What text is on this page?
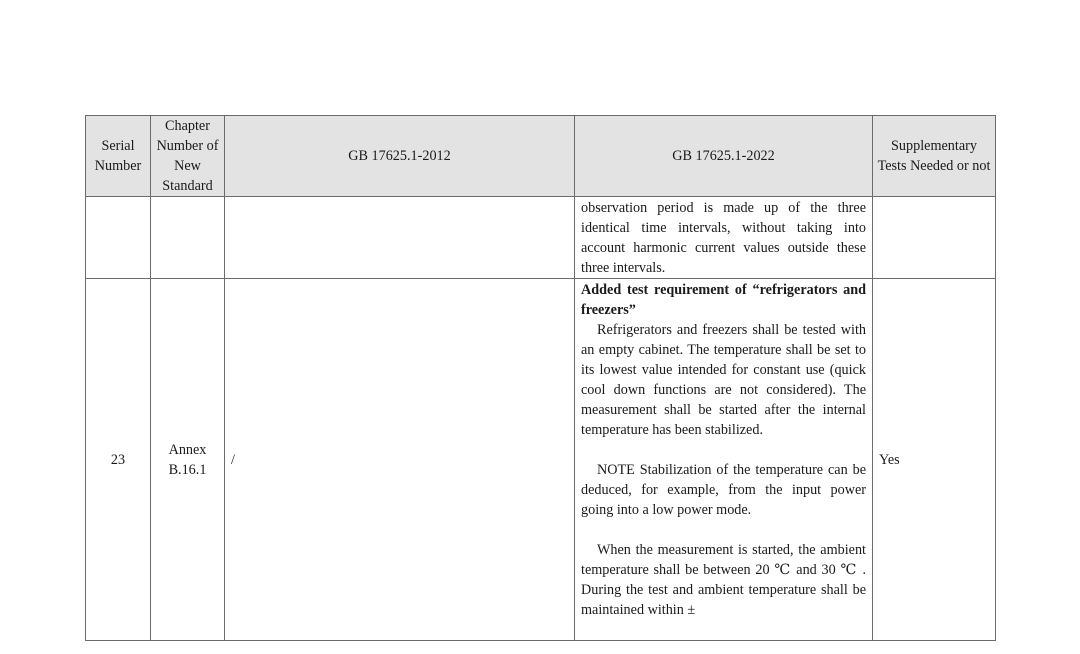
Serial Number	Chapter Number of New Standard	GB 17625.1-2012	GB 17625.1-2022	Supplementary Tests Needed or not

			observation period is made up of the three identical time intervals, without taking into account harmonic current values outside these three intervals.	

23	Annex B.16.1	/	Added test requirement of “refrigerators and freezers”

Refrigerators and freezers shall be tested with an empty cabinet. The temperature shall be set to its lowest value intended for constant use (quick cool down functions are not considered). The measurement shall be started after the internal temperature has been stabilized.

NOTE Stabilization of the temperature can be deduced, for example, from the input power going into a low power mode.

When the measurement is started, the ambient temperature shall be between 20 ℃ and 30 ℃ . During the test and ambient temperature shall be maintained within ±	Yes
